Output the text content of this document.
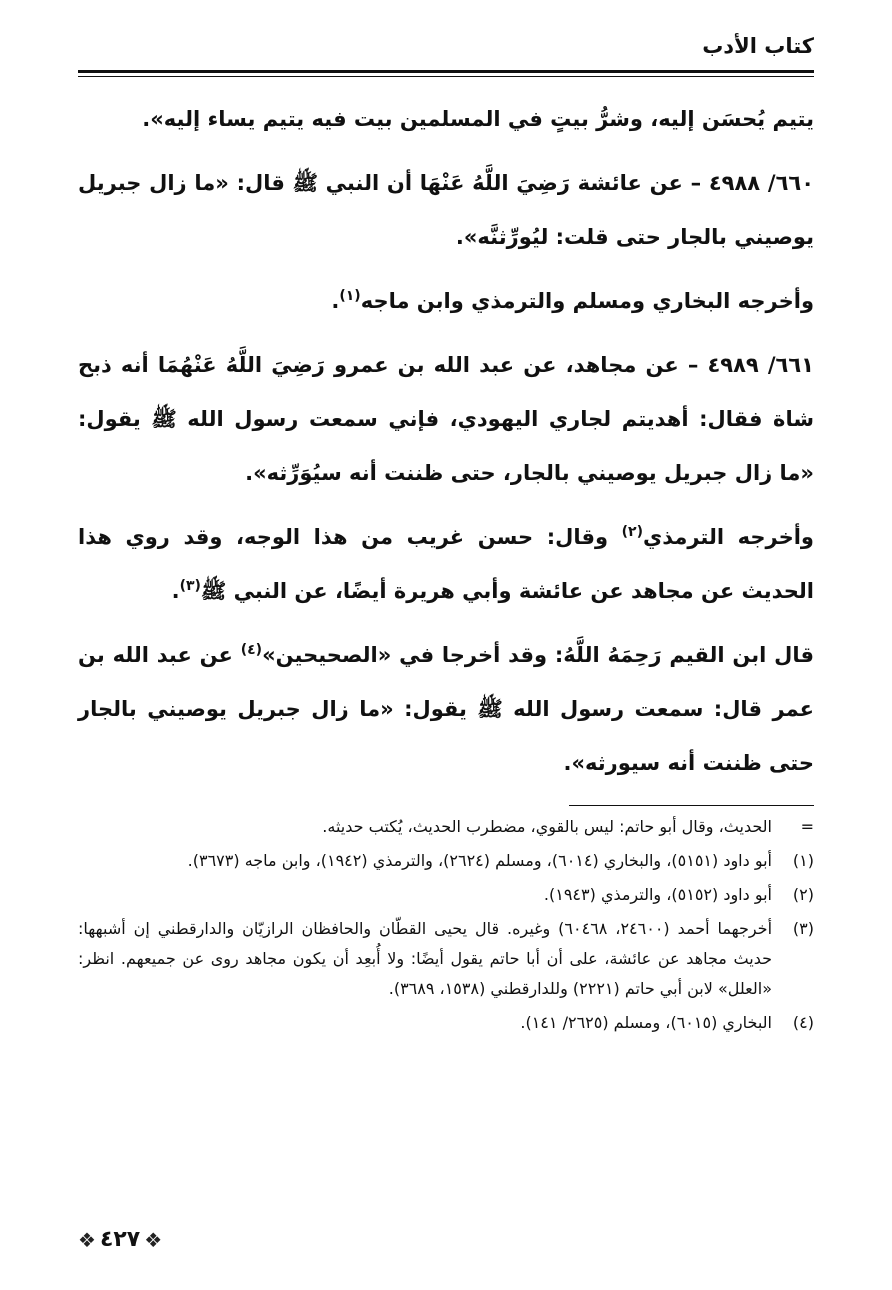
كتاب الأدب

يتيم يُحسَن إليه، وشرُّ بيتٍ في المسلمين بيت فيه يتيم يساء إليه».

٦٦٠/ ٤٩٨٨ – عن عائشة رَضِيَ اللَّهُ عَنْهَا أن النبي ﷺ قال: «ما زال جبريل يوصيني بالجار حتى قلت: ليُورِّثنَّه».

وأخرجه البخاري ومسلم والترمذي وابن ماجه$^{(١)}$.

٦٦١/ ٤٩٨٩ – عن مجاهد، عن عبد الله بن عمرو رَضِيَ اللَّهُ عَنْهُمَا أنه ذبح شاة فقال: أهديتم لجاري اليهودي، فإني سمعت رسول الله ﷺ يقول: «ما زال جبريل يوصيني بالجار، حتى ظننت أنه سيُوَرِّثه».

وأخرجه الترمذي$^{(٢)}$ وقال: حسن غريب من هذا الوجه، وقد روي هذا الحديث عن مجاهد عن عائشة وأبي هريرة أيضًا، عن النبي ﷺ$^{(٣)}$.

قال ابن القيم رَحِمَهُ اللَّهُ: وقد أخرجا في «الصحيحين»$^{(٤)}$ عن عبد الله بن عمر قال: سمعت رسول الله ﷺ يقول: «ما زال جبريل يوصيني بالجار حتى ظننت أنه سيورثه».

=
الحديث، وقال أبو حاتم: ليس بالقوي، مضطرب الحديث، يُكتب حديثه.
(١)
أبو داود (٥١٥١)، والبخاري (٦٠١٤)، ومسلم (٢٦٢٤)، والترمذي (١٩٤٢)، وابن ماجه (٣٦٧٣).
(٢)
أبو داود (٥١٥٢)، والترمذي (١٩٤٣).
(٣)
أخرجهما أحمد (٢٤٦٠٠، ٦٠٤٦٨) وغيره. قال يحيى القطّان والحافظان الرازيّان والدارقطني إن أشبهها: حديث مجاهد عن عائشة، على أن أبا حاتم يقول أيضًا: ولا أُبعِد أن يكون مجاهد روى عن جميعهم. انظر: «العلل» لابن أبي حاتم (٢٢٢١) وللدارقطني (١٥٣٨، ٣٦٨٩).
(٤)
البخاري (٦٠١٥)، ومسلم (٢٦٢٥/ ١٤١).
❖ ٤٢٧ ❖
